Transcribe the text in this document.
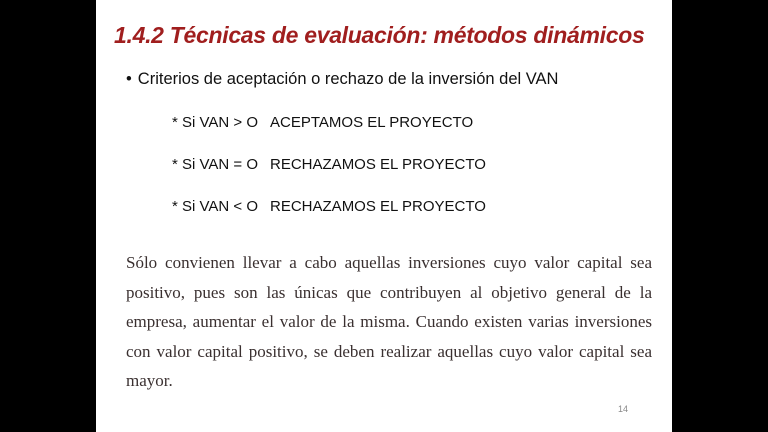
1.4.2 Técnicas de evaluación: métodos dinámicos
• Criterios de aceptación o rechazo de la inversión del VAN
* Si VAN > O ACEPTAMOS EL PROYECTO
* Si VAN = O RECHAZAMOS EL PROYECTO
* Si VAN < O RECHAZAMOS EL PROYECTO

Sólo convienen llevar a cabo aquellas inversiones cuyo valor capital sea positivo, pues son las únicas que contribuyen al objetivo general de la empresa, aumentar el valor de la misma. Cuando existen varias inversiones con valor capital positivo, se deben realizar aquellas cuyo valor capital sea mayor.

14
